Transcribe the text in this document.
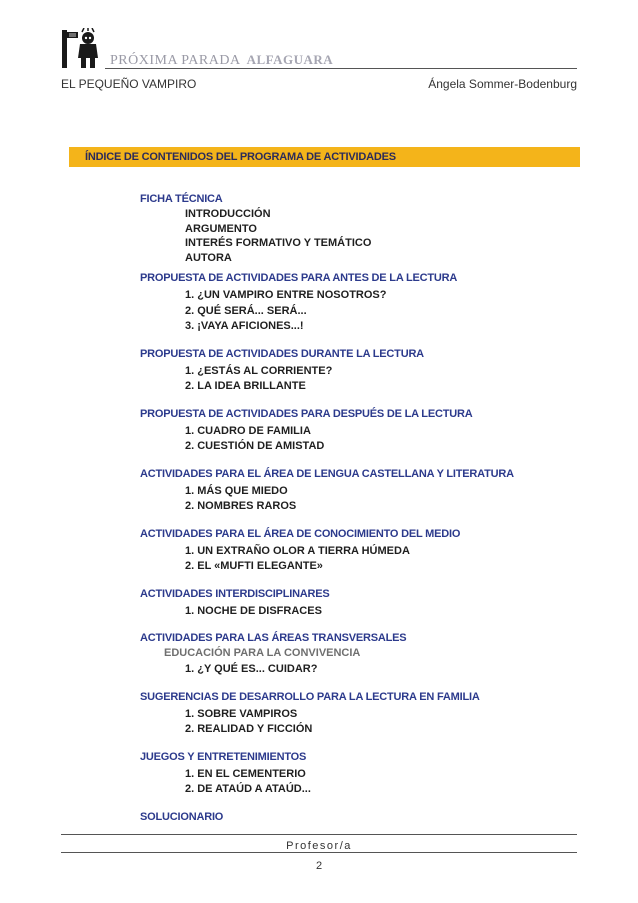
PRÓXIMA PARADA ALFAGUARA
EL PEQUEÑO VAMPIRO	Ángela Sommer-Bodenburg
ÍNDICE DE CONTENIDOS DEL PROGRAMA DE ACTIVIDADES
FICHA TÉCNICA
INTRODUCCIÓN
ARGUMENTO
INTERÉS FORMATIVO Y TEMÁTICO
AUTORA
PROPUESTA DE ACTIVIDADES PARA ANTES DE LA LECTURA
1. ¿UN VAMPIRO ENTRE NOSOTROS?
2. QUÉ SERÁ... SERÁ...
3. ¡VAYA AFICIONES...!
PROPUESTA DE ACTIVIDADES DURANTE LA LECTURA
1. ¿ESTÁS AL CORRIENTE?
2. LA IDEA BRILLANTE
PROPUESTA DE ACTIVIDADES PARA DESPUÉS DE LA LECTURA
1. CUADRO DE FAMILIA
2. CUESTIÓN DE AMISTAD
ACTIVIDADES PARA EL ÁREA DE LENGUA CASTELLANA Y LITERATURA
1. MÁS QUE MIEDO
2. NOMBRES RAROS
ACTIVIDADES PARA EL ÁREA DE CONOCIMIENTO DEL MEDIO
1. UN EXTRAÑO OLOR A TIERRA HÚMEDA
2. EL «MUFTI ELEGANTE»
ACTIVIDADES INTERDISCIPLINARES
1. NOCHE DE DISFRACES
ACTIVIDADES PARA LAS ÁREAS TRANSVERSALES
EDUCACIÓN PARA LA CONVIVENCIA
1. ¿Y QUÉ ES... CUIDAR?
SUGERENCIAS DE DESARROLLO PARA LA LECTURA EN FAMILIA
1. SOBRE VAMPIROS
2. REALIDAD Y FICCIÓN
JUEGOS Y ENTRETENIMIENTOS
1. EN EL CEMENTERIO
2. DE ATAÚD A ATAÚD...
SOLUCIONARIO
Profesor/a
2
